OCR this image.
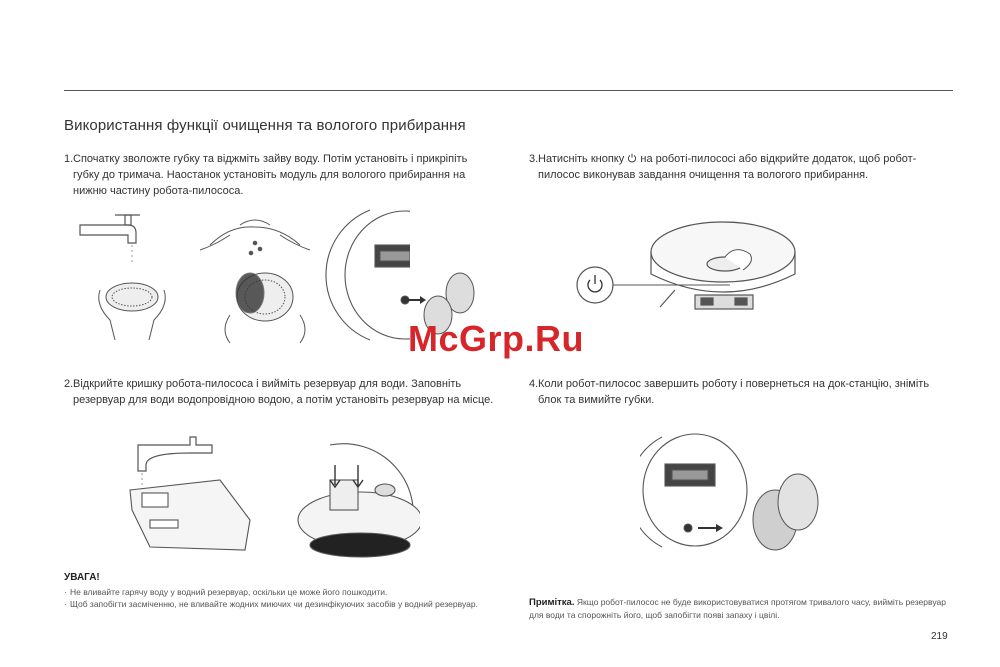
Використання функції очищення та вологого прибирання
1. Спочатку зволожте губку та віджміть зайву воду. Потім установіть і прикріпіть губку до тримача. Наостанок установіть модуль для вологого прибирання на нижню частину робота-пилососа.
3. Натисніть кнопку на роботі-пилососі або відкрийте додаток, щоб робот-пилосос виконував завдання очищення та вологого прибирання.
McGrp.Ru
2. Відкрийте кришку робота-пилососа і вийміть резервуар для води. Заповніть резервуар для води водопровідною водою, а потім установіть резервуар на місце.
4. Коли робот-пилосос завершить роботу і повернеться на док-станцію, зніміть блок та вимийте губки.
УВАГА!
· Не вливайте гарячу воду у водний резервуар, оскільки це може його пошкодити.
· Щоб запобігти засміченню, не вливайте жодних миючих чи дезинфікуючих засобів у водний резервуар.	Примітка. Якщо робот-пилосос не буде використовуватися протягом тривалого часу, вийміть резервуар для води та спорожніть його, щоб запобігти появі запаху і цвілі.
219
